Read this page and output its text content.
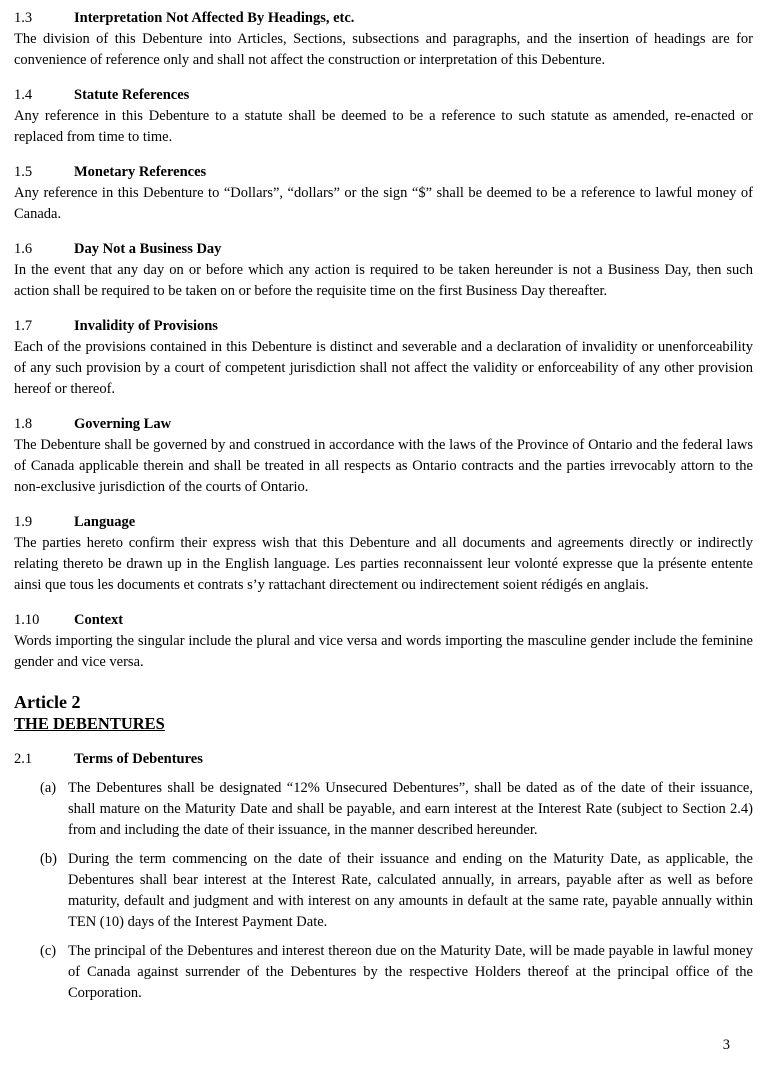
1.3	Interpretation Not Affected By Headings, etc.

The division of this Debenture into Articles, Sections, subsections and paragraphs, and the insertion of headings are for convenience of reference only and shall not affect the construction or interpretation of this Debenture.

1.4	Statute References

Any reference in this Debenture to a statute shall be deemed to be a reference to such statute as amended, re-enacted or replaced from time to time.

1.5	Monetary References

Any reference in this Debenture to “Dollars”, “dollars” or the sign “$” shall be deemed to be a reference to lawful money of Canada.

1.6	Day Not a Business Day

In the event that any day on or before which any action is required to be taken hereunder is not a Business Day, then such action shall be required to be taken on or before the requisite time on the first Business Day thereafter.

1.7	Invalidity of Provisions

Each of the provisions contained in this Debenture is distinct and severable and a declaration of invalidity or unenforceability of any such provision by a court of competent jurisdiction shall not affect the validity or enforceability of any other provision hereof or thereof.

1.8	Governing Law

The Debenture shall be governed by and construed in accordance with the laws of the Province of Ontario and the federal laws of Canada applicable therein and shall be treated in all respects as Ontario contracts and the parties irrevocably attorn to the non-exclusive jurisdiction of the courts of Ontario.

1.9	Language

The parties hereto confirm their express wish that this Debenture and all documents and agreements directly or indirectly relating thereto be drawn up in the English language. Les parties reconnaissent leur volonté expresse que la présente entente ainsi que tous les documents et contrats s’y rattachant directement ou indirectement soient rédigés en anglais.

1.10	Context

Words importing the singular include the plural and vice versa and words importing the masculine gender include the feminine gender and vice versa.

Article 2
THE DEBENTURES
2.1	Terms of Debentures
(a) The Debentures shall be designated “12% Unsecured Debentures”, shall be dated as of the date of their issuance, shall mature on the Maturity Date and shall be payable, and earn interest at the Interest Rate (subject to Section 2.4) from and including the date of their issuance, in the manner described hereunder.
(b) During the term commencing on the date of their issuance and ending on the Maturity Date, as applicable, the Debentures shall bear interest at the Interest Rate, calculated annually, in arrears, payable after as well as before maturity, default and judgment and with interest on any amounts in default at the same rate, payable annually within TEN (10) days of the Interest Payment Date.
(c) The principal of the Debentures and interest thereon due on the Maturity Date, will be made payable in lawful money of Canada against surrender of the Debentures by the respective Holders thereof at the principal office of the Corporation.
3
